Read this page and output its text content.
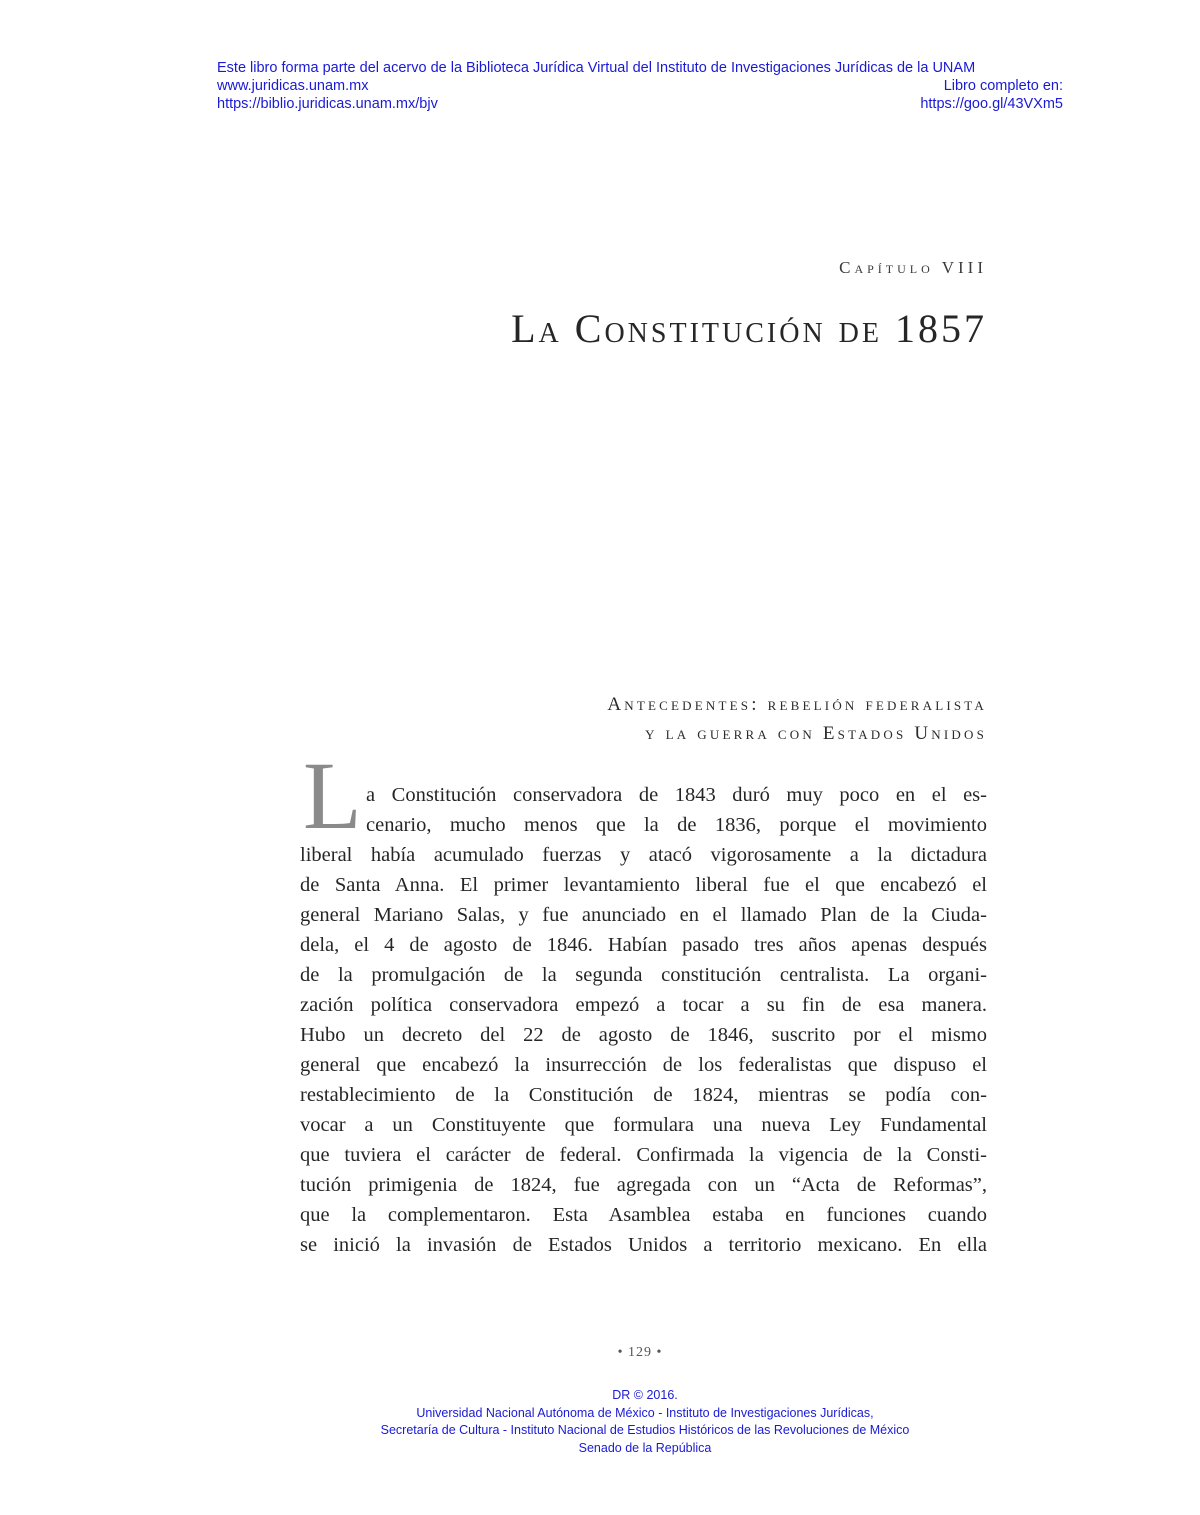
Este libro forma parte del acervo de la Biblioteca Jurídica Virtual del Instituto de Investigaciones Jurídicas de la UNAM
www.juridicas.unam.mx	Libro completo en:
https://biblio.juridicas.unam.mx/bjv	https://goo.gl/43VXm5
Capítulo VIII
La Constitución de 1857
Antecedentes: rebelión federalista
y la guerra con Estados Unidos
L a Constitución conservadora de 1843 duró muy poco en el es-
cenario, mucho menos que la de 1836, porque el movimiento
liberal había acumulado fuerzas y atacó vigorosamente a la dictadura
de Santa Anna. El primer levantamiento liberal fue el que encabezó el
general Mariano Salas, y fue anunciado en el llamado Plan de la Ciuda-
dela, el 4 de agosto de 1846. Habían pasado tres años apenas después
de la promulgación de la segunda constitución centralista. La organi-
zación política conservadora empezó a tocar a su fin de esa manera.
Hubo un decreto del 22 de agosto de 1846, suscrito por el mismo
general que encabezó la insurrección de los federalistas que dispuso el
restablecimiento de la Constitución de 1824, mientras se podía con-
vocar a un Constituyente que formulara una nueva Ley Fundamental
que tuviera el carácter de federal. Confirmada la vigencia de la Consti-
tución primigenia de 1824, fue agregada con un “Acta de Reformas”,
que la complementaron. Esta Asamblea estaba en funciones cuando
se inició la invasión de Estados Unidos a territorio mexicano. En ella
• 129 •
DR © 2016.
Universidad Nacional Autónoma de México - Instituto de Investigaciones Jurídicas,
Secretaría de Cultura - Instituto Nacional de Estudios Históricos de las Revoluciones de México
Senado de la República
